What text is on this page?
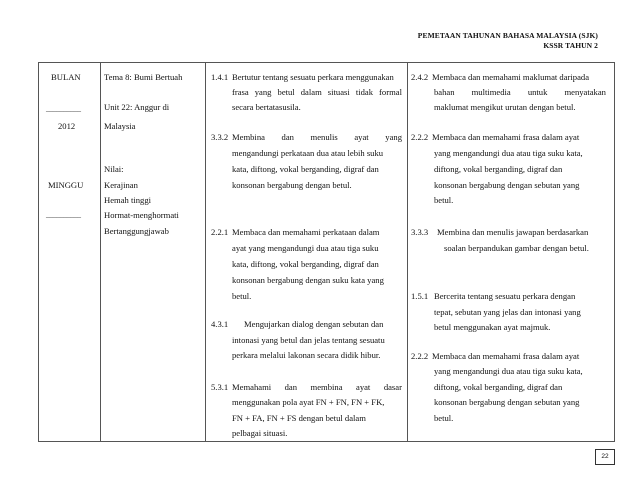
PEMETAAN TAHUNAN BAHASA MALAYSIA (SJK)
KSSR TAHUN 2
BULAN
__________
2012
MINGGU
__________
Tema 8: Bumi Bertuah
Unit 22: Anggur di
Malaysia
Nilai:
Kerajinan
Hemah tinggi
Hormat-menghormati
Bertanggungjawab
1.4.1 Bertutur tentang sesuatu perkara menggunakan
frasa yang betul dalam situasi tidak formal
secara bertatasusila.
3.3.2 Membina dan menulis ayat yang
mengandungi perkataan dua atau lebih suku
kata, diftong, vokal berganding, digraf dan
konsonan bergabung dengan betul.
2.2.1 Membaca dan memahami perkataan dalam
ayat yang mengandungi dua atau tiga suku
kata, diftong, vokal berganding, digraf dan
konsonan bergabung dengan suku kata yang
betul.
4.3.1 Mengujarkan dialog dengan sebutan dan
intonasi yang betul dan jelas tentang sesuatu
perkara melalui lakonan secara didik hibur.
5.3.1 Memahami dan membina ayat dasar
menggunakan pola ayat FN + FN, FN + FK,
FN + FA, FN + FS dengan betul dalam
pelbagai situasi.
2.4.2 Membaca dan memahami maklumat daripada
bahan multimedia untuk menyatakan
maklumat mengikut urutan dengan betul.
2.2.2 Membaca dan memahami frasa dalam ayat
yang mengandungi dua atau tiga suku kata,
diftong, vokal berganding, digraf dan
konsonan bergabung dengan sebutan yang
betul.
3.3.3 Membina dan menulis jawapan berdasarkan
soalan berpandukan gambar dengan betul.
1.5.1 Bercerita tentang sesuatu perkara dengan
tepat, sebutan yang jelas dan intonasi yang
betul menggunakan ayat majmuk.
2.2.2 Membaca dan memahami frasa dalam ayat
yang mengandungi dua atau tiga suku kata,
diftong, vokal berganding, digraf dan
konsonan bergabung dengan sebutan yang
betul.
22
